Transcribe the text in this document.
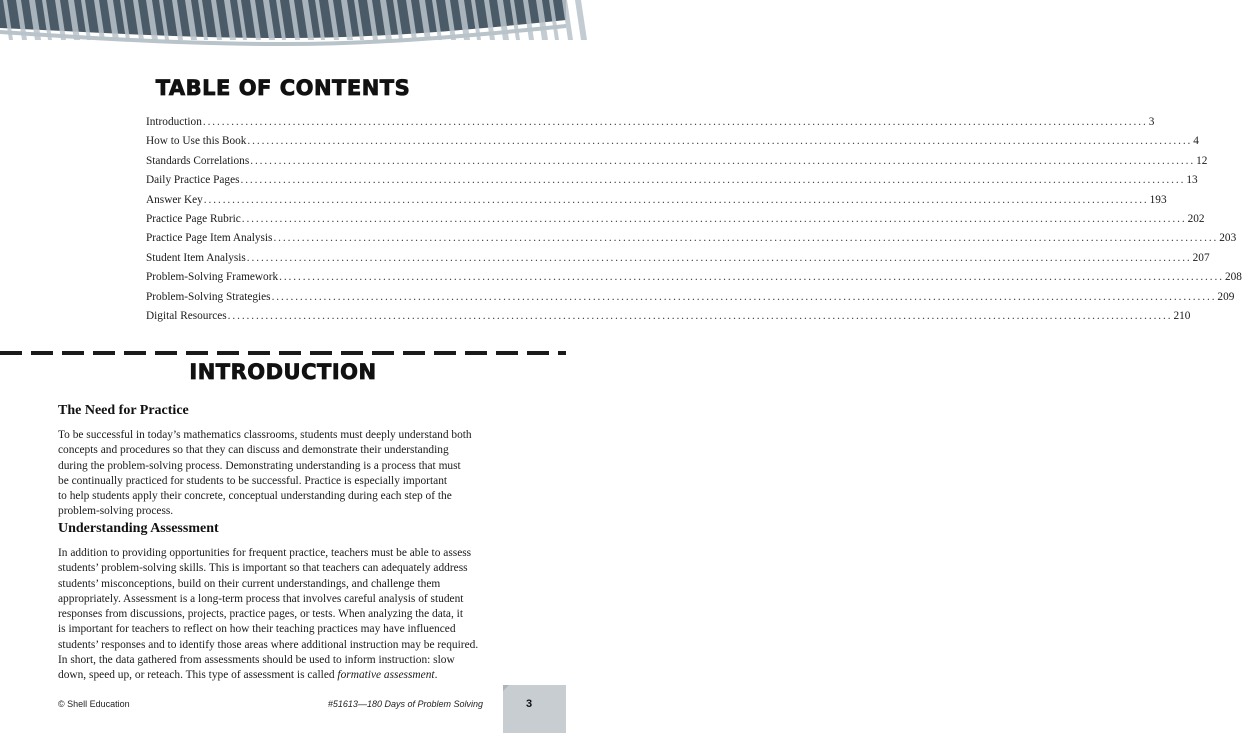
TABLE OF CONTENTS
Introduction ........................................................................................................................................................................................................ 3
How to Use this Book ........................................................................................................................................................................................................ 4
Standards Correlations ........................................................................................................................................................................................................ 12
Daily Practice Pages ........................................................................................................................................................................................................ 13
Answer Key ........................................................................................................................................................................................................ 193
Practice Page Rubric ........................................................................................................................................................................................................ 202
Practice Page Item Analysis ........................................................................................................................................................................................................ 203
Student Item Analysis ........................................................................................................................................................................................................ 207
Problem-Solving Framework ........................................................................................................................................................................................................ 208
Problem-Solving Strategies ........................................................................................................................................................................................................ 209
Digital Resources ........................................................................................................................................................................................................ 210
INTRODUCTION
The Need for Practice

To be successful in today’s mathematics classrooms, students must deeply understand both
concepts and procedures so that they can discuss and demonstrate their understanding
during the problem-solving process. Demonstrating understanding is a process that must
be continually practiced for students to be successful. Practice is especially important
to help students apply their concrete, conceptual understanding during each step of the
problem-solving process.

Understanding Assessment

In addition to providing opportunities for frequent practice, teachers must be able to assess
students’ problem-solving skills. This is important so that teachers can adequately address
students’ misconceptions, build on their current understandings, and challenge them
appropriately. Assessment is a long-term process that involves careful analysis of student
responses from discussions, projects, practice pages, or tests. When analyzing the data, it
is important for teachers to reflect on how their teaching practices may have influenced
students’ responses and to identify those areas where additional instruction may be required.
In short, the data gathered from assessments should be used to inform instruction: slow
down, speed up, or reteach. This type of assessment is called formative assessment.

© Shell Education	#51613—180 Days of Problem Solving	3
